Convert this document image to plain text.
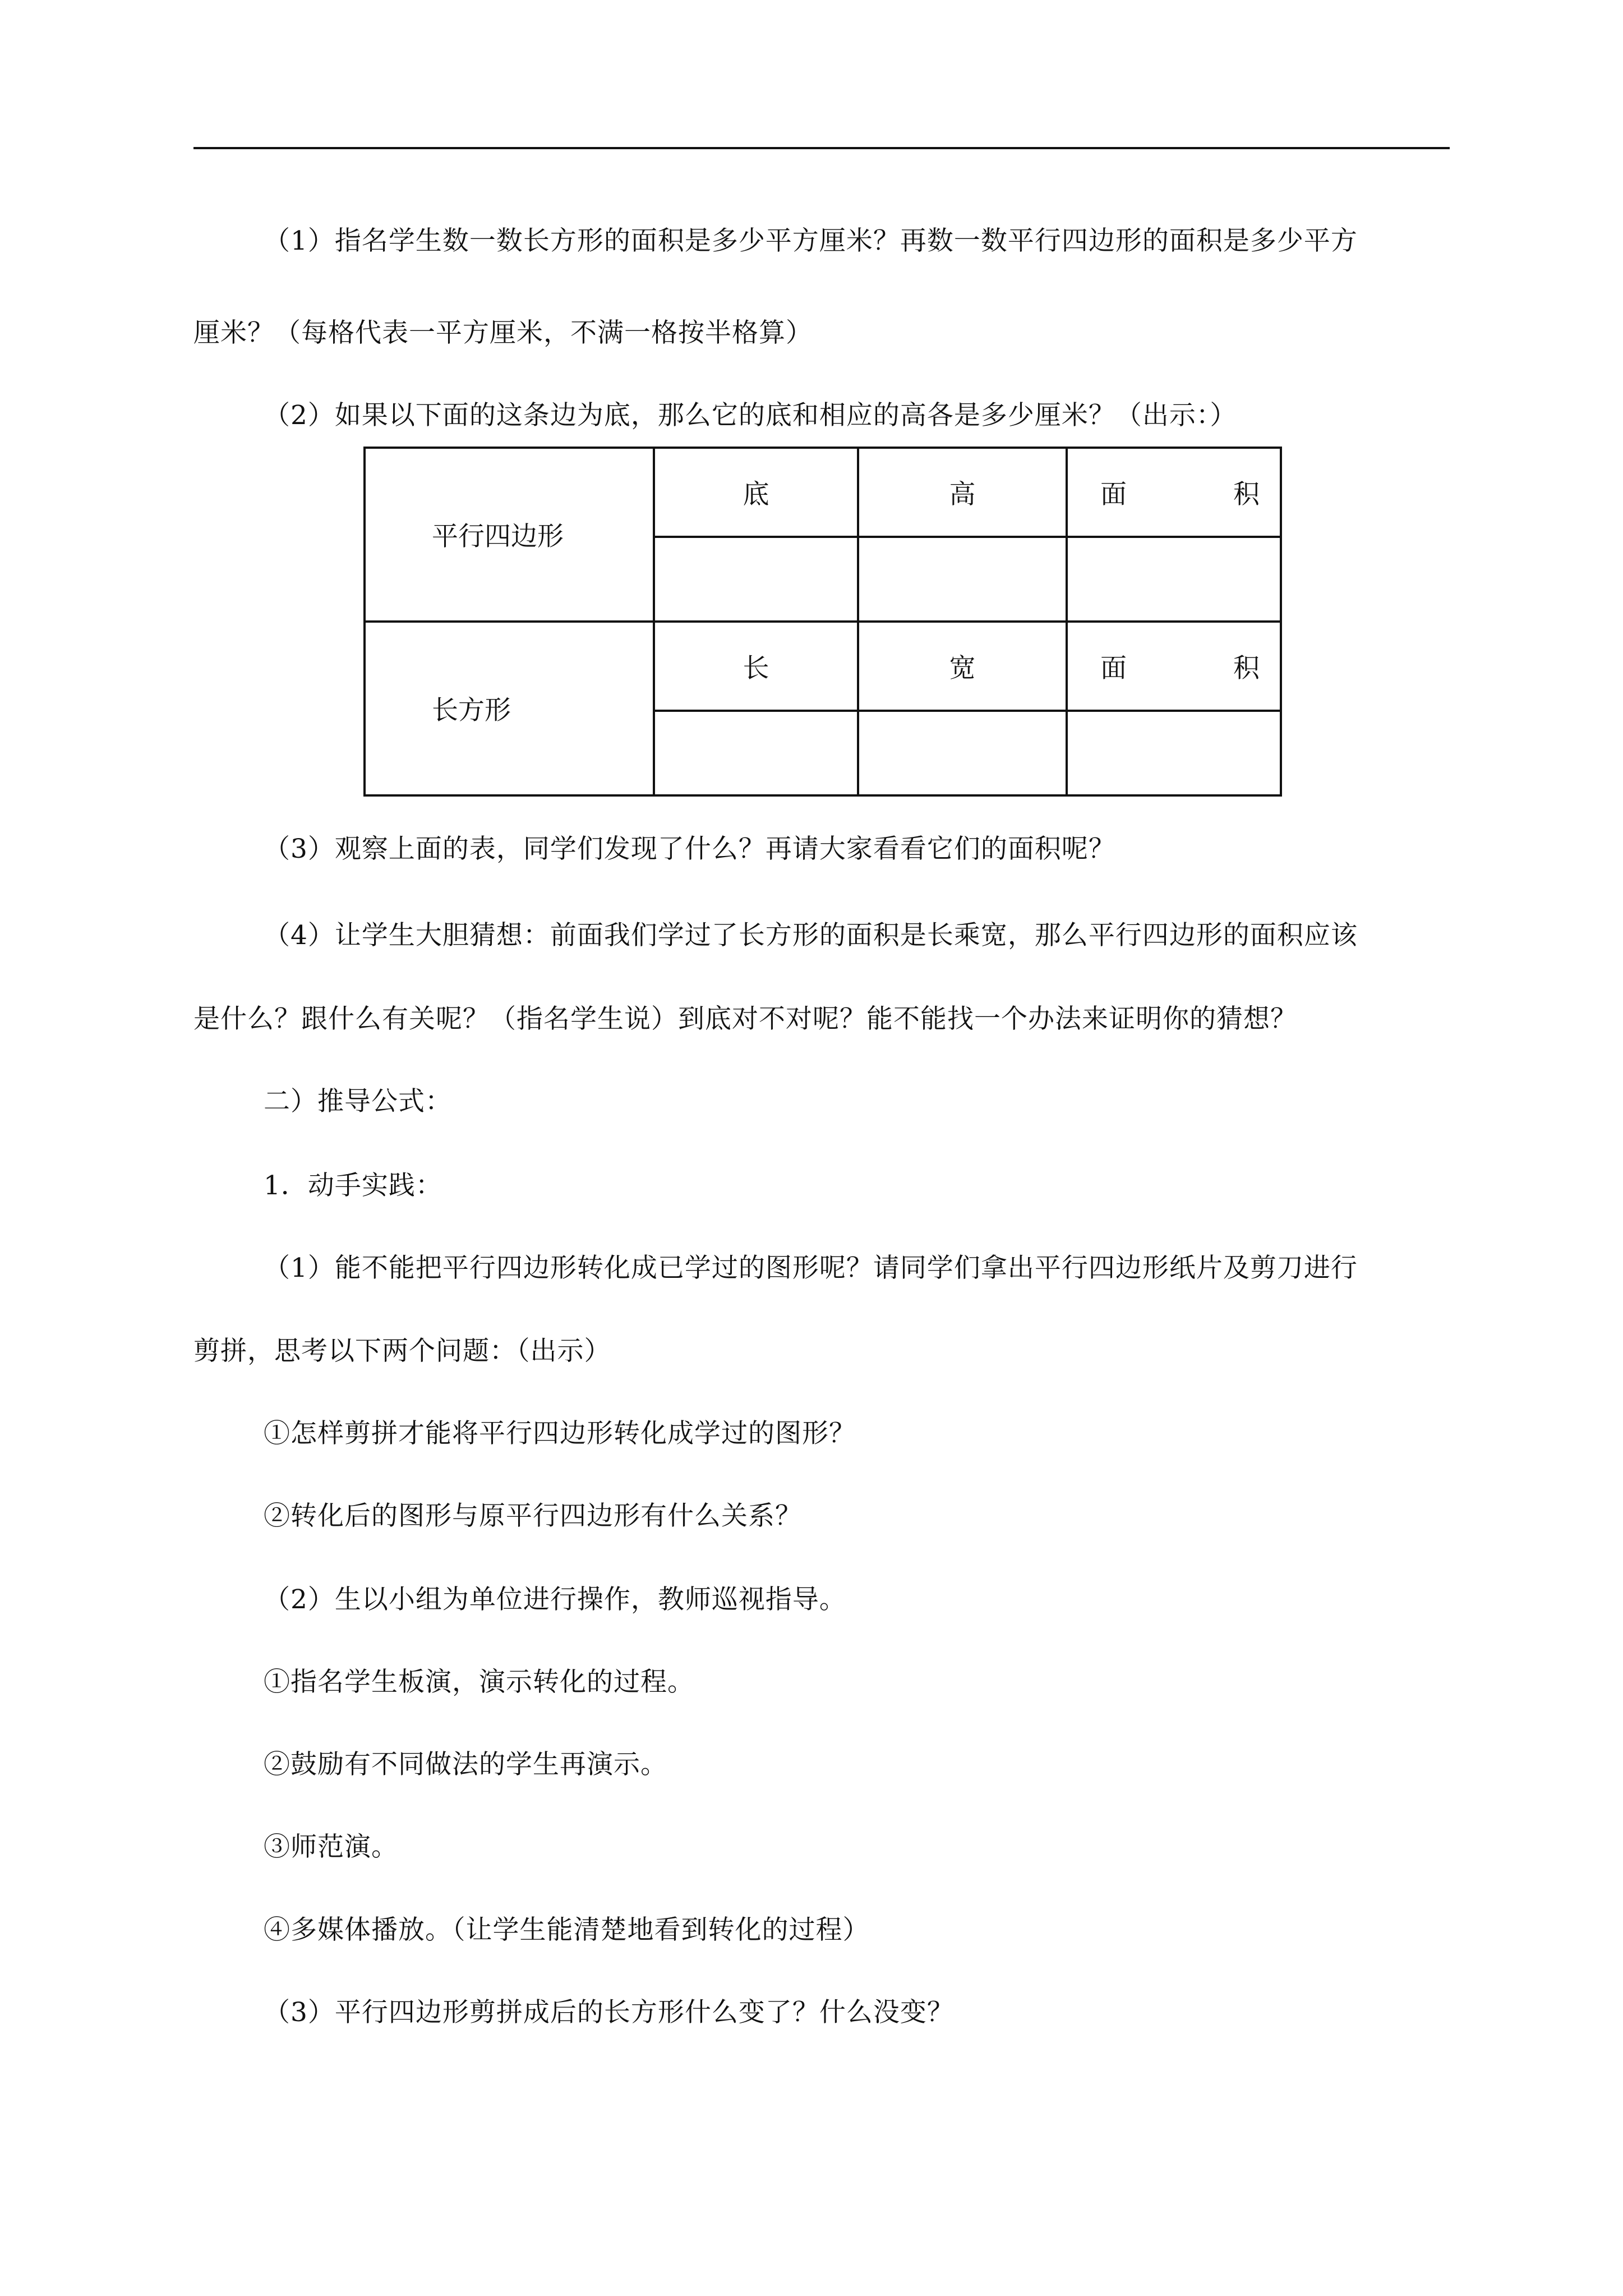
（1）指名学生数一数长方形的面积是多少平方厘米？再数一数平行四边形的面积是多少平方
厘米？（每格代表一平方厘米，不满一格按半格算）
（2）如果以下面的这条边为底，那么它的底和相应的高各是多少厘米？（出示：）
平行四边形	底	高	面 积

长方形	长	宽	面 积

（3）观察上面的表，同学们发现了什么？再请大家看看它们的面积呢？
（4）让学生大胆猜想：前面我们学过了长方形的面积是长乘宽，那么平行四边形的面积应该
是什么？跟什么有关呢？（指名学生说）到底对不对呢？能不能找一个办法来证明你的猜想？
二）推导公式：
1．动手实践：
（1）能不能把平行四边形转化成已学过的图形呢？请同学们拿出平行四边形纸片及剪刀进行
剪拼，思考以下两个问题：（出示）
①怎样剪拼才能将平行四边形转化成学过的图形？
②转化后的图形与原平行四边形有什么关系？
（2）生以小组为单位进行操作，教师巡视指导。
①指名学生板演，演示转化的过程。
②鼓励有不同做法的学生再演示。
③师范演。
④多媒体播放。（让学生能清楚地看到转化的过程）
（3）平行四边形剪拼成后的长方形什么变了？什么没变？
